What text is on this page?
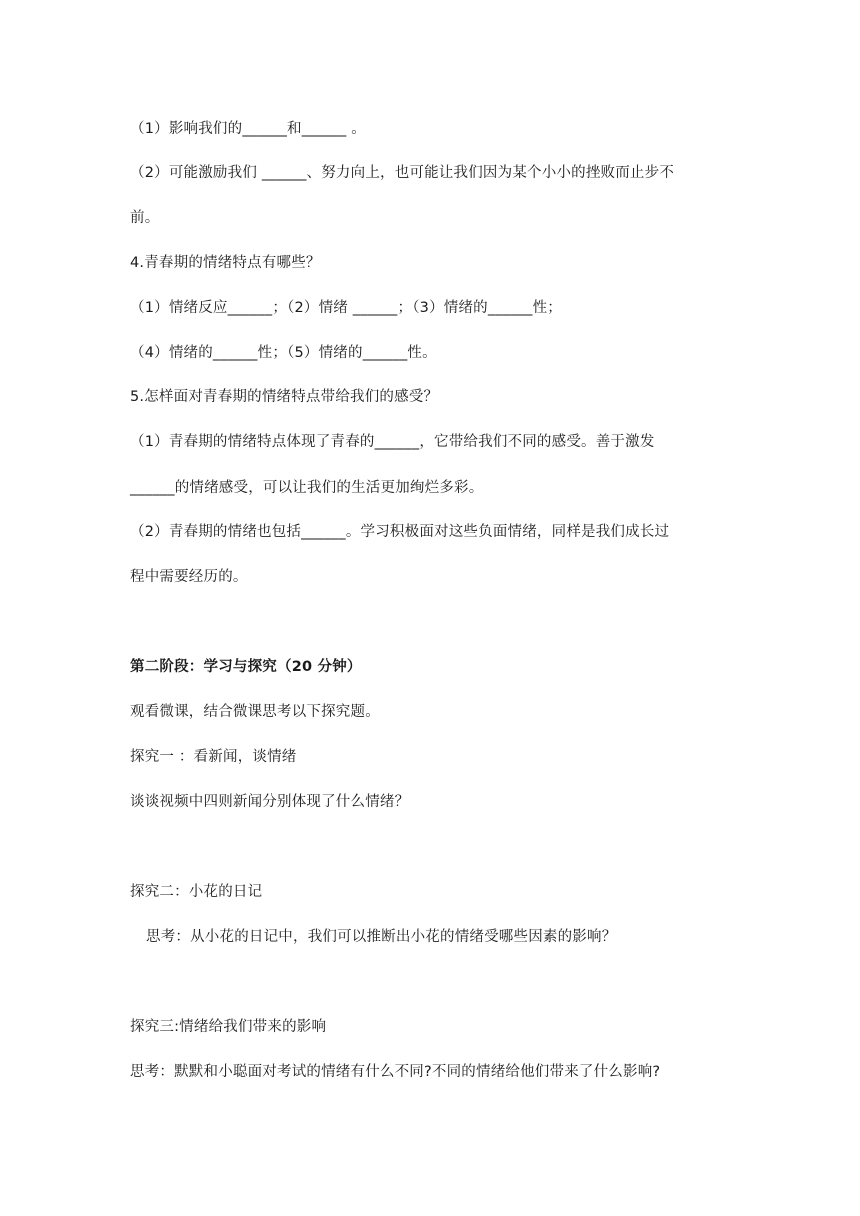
（1）影响我们的______和______ 。
（2）可能激励我们 ______、努力向上，也可能让我们因为某个小小的挫败而止步不
前。
4.青春期的情绪特点有哪些？
（1）情绪反应______；（2）情绪 ______；（3）情绪的______性；
（4）情绪的______性；（5）情绪的______性。
5.怎样面对青春期的情绪特点带给我们的感受？
（1）青春期的情绪特点体现了青春的______，它带给我们不同的感受。善于激发
______的情绪感受，可以让我们的生活更加绚烂多彩。
（2）青春期的情绪也包括______。学习积极面对这些负面情绪，同样是我们成长过
程中需要经历的。
第二阶段：学习与探究（20 分钟）
观看微课，结合微课思考以下探究题。
探究一 ：看新闻，谈情绪
谈谈视频中四则新闻分别体现了什么情绪？
探究二：小花的日记
思考：从小花的日记中，我们可以推断出小花的情绪受哪些因素的影响？
探究三:情绪给我们带来的影响
思考：默默和小聪面对考试的情绪有什么不同?不同的情绪给他们带来了什么影响?
